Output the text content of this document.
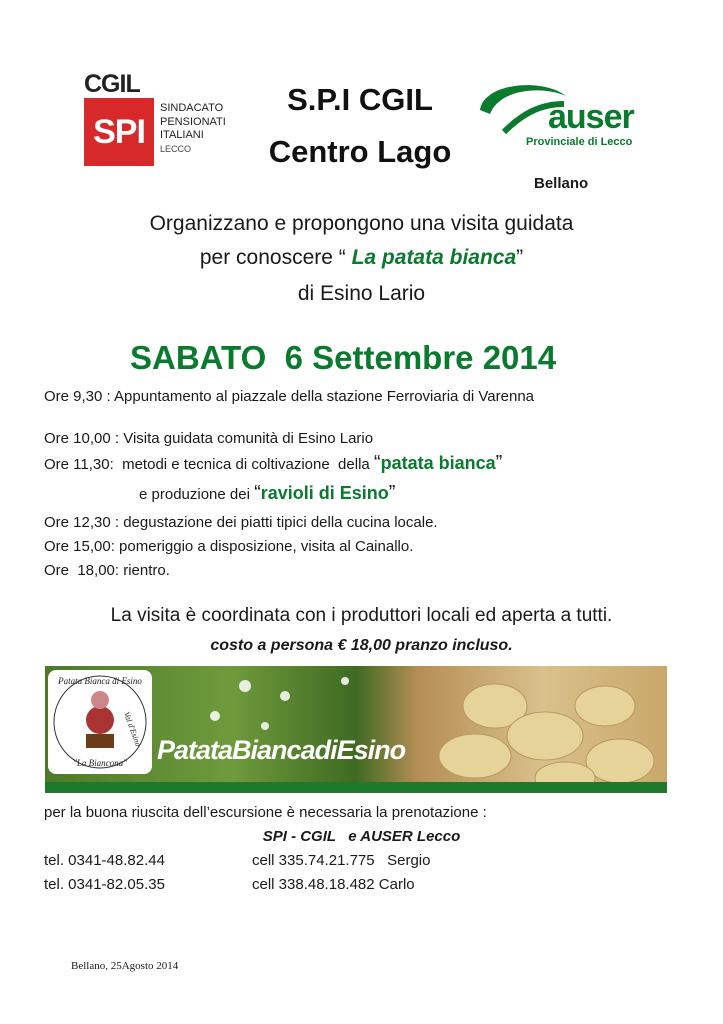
CGIL
SPI
SINDACATO
PENSIONATI
ITALIANI
LECCO
S.P.I CGIL
Centro Lago
auser
Provinciale di Lecco
Bellano
Organizzano e propongono una visita guidata
per conoscere “ La patata bianca”
di Esino Lario
SABATO  6 Settembre 2014
Ore 9,30 : Appuntamento al piazzale della stazione Ferroviaria di Varenna
Ore 10,00 : Visita guidata comunità di Esino Lario
Ore 11,30:  metodi e tecnica di coltivazione  della “patata bianca”
e produzione dei “ravioli di Esino”
Ore 12,30 : degustazione dei piatti tipici della cucina locale.
Ore 15,00: pomeriggio a disposizione, visita al Cainallo.
Ore  18,00: rientro.
La visita è coordinata con i produttori locali ed aperta a tutti.
costo a persona € 18,00 pranzo incluso.
Patata Bianca di Esino
Val d'Esino
"La Biancona" PatataBiancadiEsino
per la buona riuscita dell’escursione è necessaria la prenotazione :
SPI - CGIL   e AUSER Lecco
tel. 0341-48.82.44	cell 335.74.21.775   Sergio
tel. 0341-82.05.35	cell 338.48.18.482 Carlo
Bellano, 25Agosto 2014
